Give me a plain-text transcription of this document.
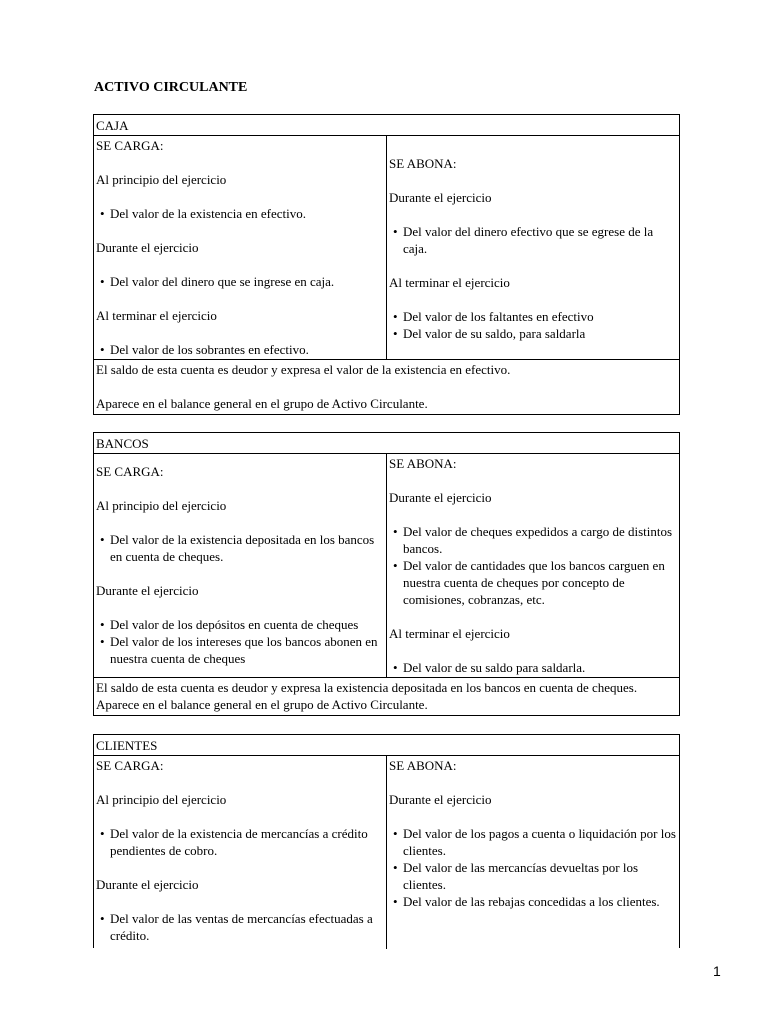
ACTIVO CIRCULANTE
CAJA

SE CARGA:

Al principio del ejercicio

• Del valor de la existencia en efectivo.

Durante el ejercicio

• Del valor del dinero que se ingrese en caja.

Al terminar el ejercicio

• Del valor de los sobrantes en efectivo.

SE ABONA:

Durante el ejercicio

• Del valor del dinero efectivo que se egrese de la caja.

Al terminar el ejercicio

• Del valor de los faltantes en efectivo
• Del valor de su saldo, para saldarla

El saldo de esta cuenta es deudor y expresa el valor de la existencia en efectivo.

Aparece en el balance general en el grupo de Activo Circulante.

BANCOS

SE CARGA:

Al principio del ejercicio

• Del valor de la existencia depositada en los bancos en cuenta de cheques.

Durante el ejercicio

• Del valor de los depósitos en cuenta de cheques
• Del valor de los intereses que los bancos abonen en nuestra cuenta de cheques

SE ABONA:

Durante el ejercicio

• Del valor de cheques expedidos a cargo de distintos bancos.
• Del valor de cantidades que los bancos carguen en nuestra cuenta de cheques por concepto de comisiones, cobranzas, etc.

Al terminar el ejercicio

• Del valor de su saldo para saldarla.

El saldo de esta cuenta es deudor y expresa la existencia depositada en los bancos en cuenta de cheques. Aparece en el balance general en el grupo de Activo Circulante.

CLIENTES

SE CARGA:

Al principio del ejercicio

• Del valor de la existencia de mercancías a crédito pendientes de cobro.

Durante el ejercicio

• Del valor de las ventas de mercancías efectuadas a crédito.

SE ABONA:

Durante el ejercicio

• Del valor de los pagos a cuenta o liquidación por los clientes.
• Del valor de las mercancías devueltas por los clientes.
• Del valor de las rebajas concedidas a los clientes.
1
